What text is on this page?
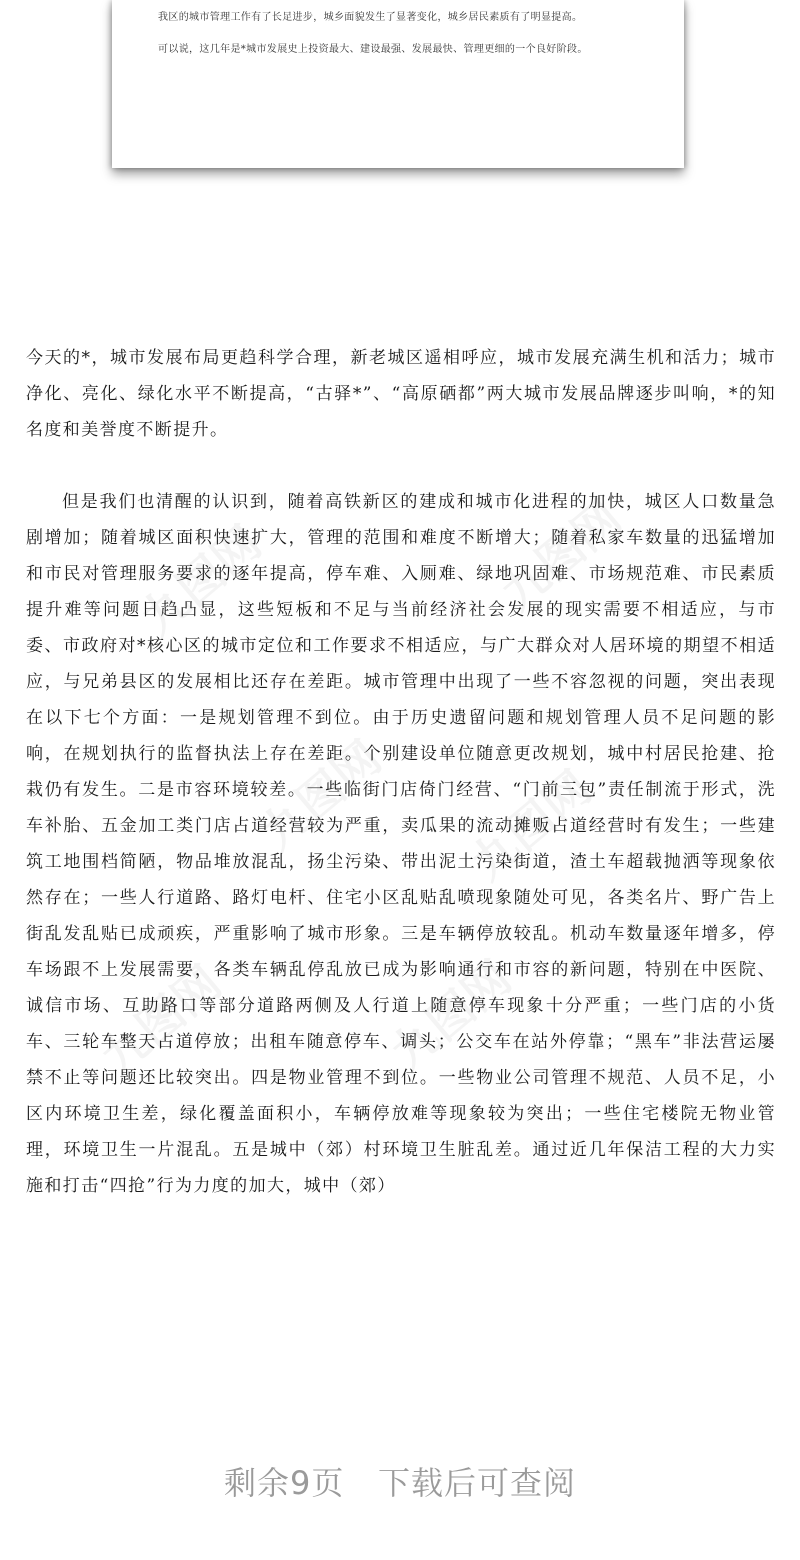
我区的城市管理工作有了长足进步，城乡面貌发生了显著变化，城乡居民素质有了明显提高。

可以说，这几年是*城市发展史上投资最大、建设最强、发展最快、管理更细的一个良好阶段。

九图网	九图网
九图网 九图网
九图网	九图网

今天的*，城市发展布局更趋科学合理，新老城区遥相呼应，城市发展充满生机和活力；城市净化、亮化、绿化水平不断提高，“古驿*”、“高原硒都”两大城市发展品牌逐步叫响，*的知名度和美誉度不断提升。

但是我们也清醒的认识到，随着高铁新区的建成和城市化进程的加快，城区人口数量急剧增加；随着城区面积快速扩大，管理的范围和难度不断增大；随着私家车数量的迅猛增加和市民对管理服务要求的逐年提高，停车难、入厕难、绿地巩固难、市场规范难、市民素质提升难等问题日趋凸显，这些短板和不足与当前经济社会发展的现实需要不相适应，与市委、市政府对*核心区的城市定位和工作要求不相适应，与广大群众对人居环境的期望不相适应，与兄弟县区的发展相比还存在差距。城市管理中出现了一些不容忽视的问题，突出表现在以下七个方面：一是规划管理不到位。由于历史遗留问题和规划管理人员不足问题的影响，在规划执行的监督执法上存在差距。个别建设单位随意更改规划，城中村居民抢建、抢栽仍有发生。二是市容环境较差。一些临街门店倚门经营、“门前三包”责任制流于形式，洗车补胎、五金加工类门店占道经营较为严重，卖瓜果的流动摊贩占道经营时有发生；一些建筑工地围档简陋，物品堆放混乱，扬尘污染、带出泥土污染街道，渣土车超载抛洒等现象依然存在；一些人行道路、路灯电杆、住宅小区乱贴乱喷现象随处可见，各类名片、野广告上街乱发乱贴已成顽疾，严重影响了城市形象。三是车辆停放较乱。机动车数量逐年增多，停车场跟不上发展需要，各类车辆乱停乱放已成为影响通行和市容的新问题，特别在中医院、诚信市场、互助路口等部分道路两侧及人行道上随意停车现象十分严重；一些门店的小货车、三轮车整天占道停放；出租车随意停车、调头；公交车在站外停靠；“黑车”非法营运屡禁不止等问题还比较突出。四是物业管理不到位。一些物业公司管理不规范、人员不足，小区内环境卫生差，绿化覆盖面积小，车辆停放难等现象较为突出；一些住宅楼院无物业管理，环境卫生一片混乱。五是城中（郊）村环境卫生脏乱差。通过近几年保洁工程的大力实施和打击“四抢”行为力度的加大，城中（郊）

剩余9页 下载后可查阅
